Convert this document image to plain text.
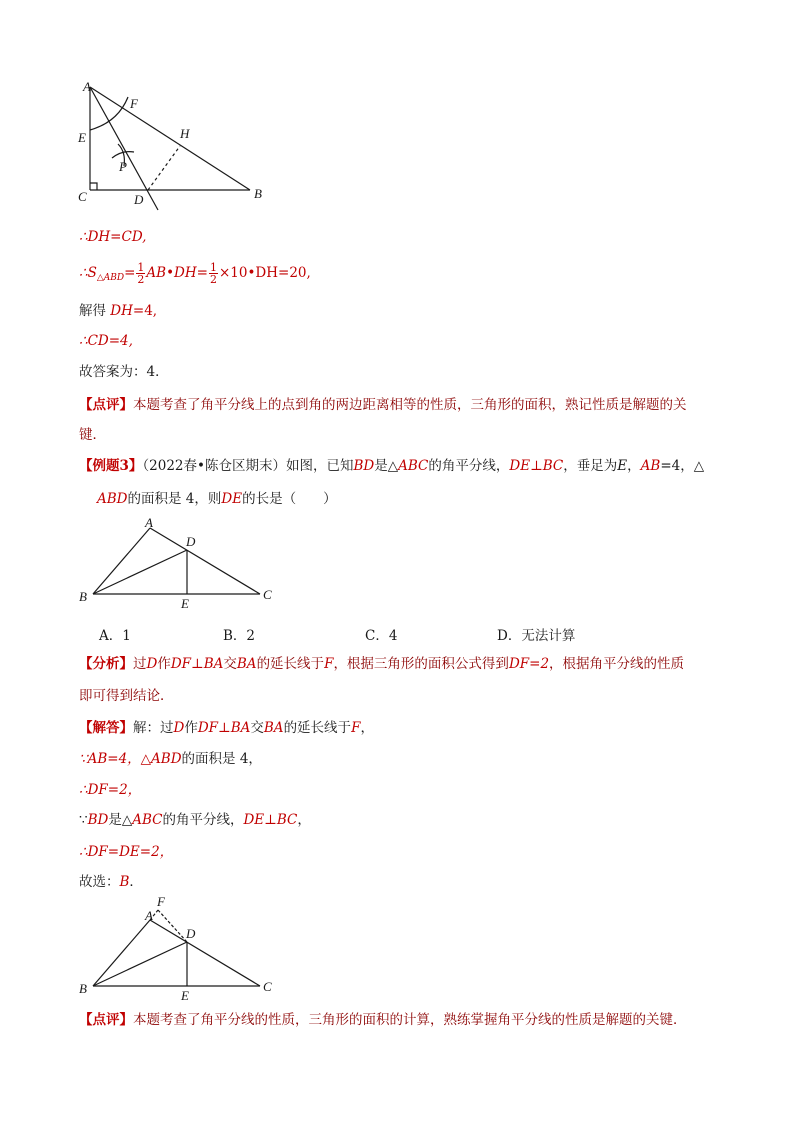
A
F
E	H
P
C	D	B
∴DH=CD,
$\therefore S_{\triangle ABD}= \frac{1}{2}$ AB•DH= $\frac{1}{2}$ ×10•DH=20,
解得 DH=4,
∴CD=4,
故答案为：4．
【点评】本题考查了角平分线上的点到角的两边距离相等的性质，三角形的面积，熟记性质是解题的关
键．
【例题3】（2022春•陈仓区期末）如图，已知BD是△ABC的角平分线，DE⊥BC，垂足为E，AB=4，△
ABD的面积是 4，则DE的长是（　　）
A
D
B	E
C
A．1	B．2	C．4	D．无法计算
【分析】过D作DF⊥BA交BA的延长线于F，根据三角形的面积公式得到DF=2，根据角平分线的性质
即可得到结论．
【解答】解：过D作DF⊥BA交BA的延长线于F，
∵AB=4，△ABD的面积是 4，
∴DF=2，
∵BD是△ABC的角平分线，DE⊥BC，
∴DF=DE=2，
故选：B．
F
A
D
B	E
C
【点评】本题考查了角平分线的性质，三角形的面积的计算，熟练掌握角平分线的性质是解题的关键．
